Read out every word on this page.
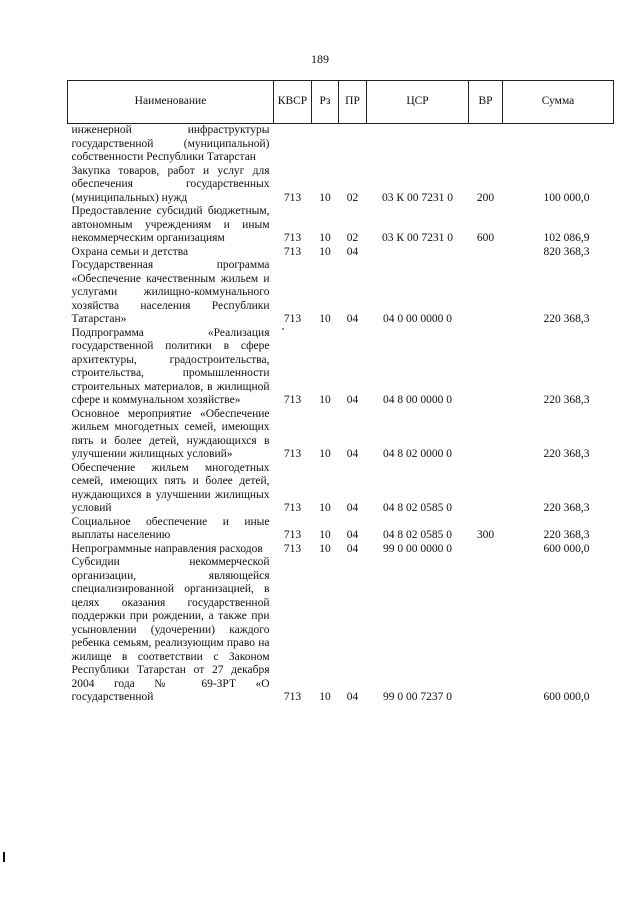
189
Наименование	КВСР	Рз	ПР	ЦСР	ВР	Сумма
инженерной инфраструктуры государственной (муниципальной) собственности Республики Татарстан						
Закупка товаров, работ и услуг для обеспечения государственных (муниципальных) нужд	713	10	02	03 К 00 7231 0	200	100 000,0
Предоставление субсидий бюджетным, автономным учреждениям и иным некоммерческим организациям	713	10	02	03 К 00 7231 0	600	102 086,9
Охрана семьи и детства	713	10	04			820 368,3
Государственная программа «Обеспечение качественным жильем и услугами жилищно-коммунального хозяйства населения Республики Татарстан»	713	10	04	04 0 00 0000 0		220 368,3
Подпрограмма «Реализация государственной политики в сфере архитектуры, градостроительства, строительства, промышленности строительных материалов, в жилищной сфере и коммунальном хозяйстве»	713	10	04	04 8 00 0000 0		220 368,3
Основное мероприятие «Обеспечение жильем многодетных семей, имеющих пять и более детей, нуждающихся в улучшении жилищных условий»	713	10	04	04 8 02 0000 0		220 368,3
Обеспечение жильем многодетных семей, имеющих пять и более детей, нуждающихся в улучшении жилищных условий	713	10	04	04 8 02 0585 0		220 368,3
Социальное обеспечение и иные выплаты населению	713	10	04	04 8 02 0585 0	300	220 368,3
Непрограммные направления расходов	713	10	04	99 0 00 0000 0		600 000,0
Субсидии некоммерческой организации, являющейся специализированной организацией, в целях оказания государственной поддержки при рождении, а также при усыновлении (удочерении) каждого ребенка семьям, реализующим право на жилище в соответствии с Законом Республики Татарстан от 27 декабря 2004 года № 69-ЗРТ «О государственной	713	10	04	99 0 00 7237 0		600 000,0
